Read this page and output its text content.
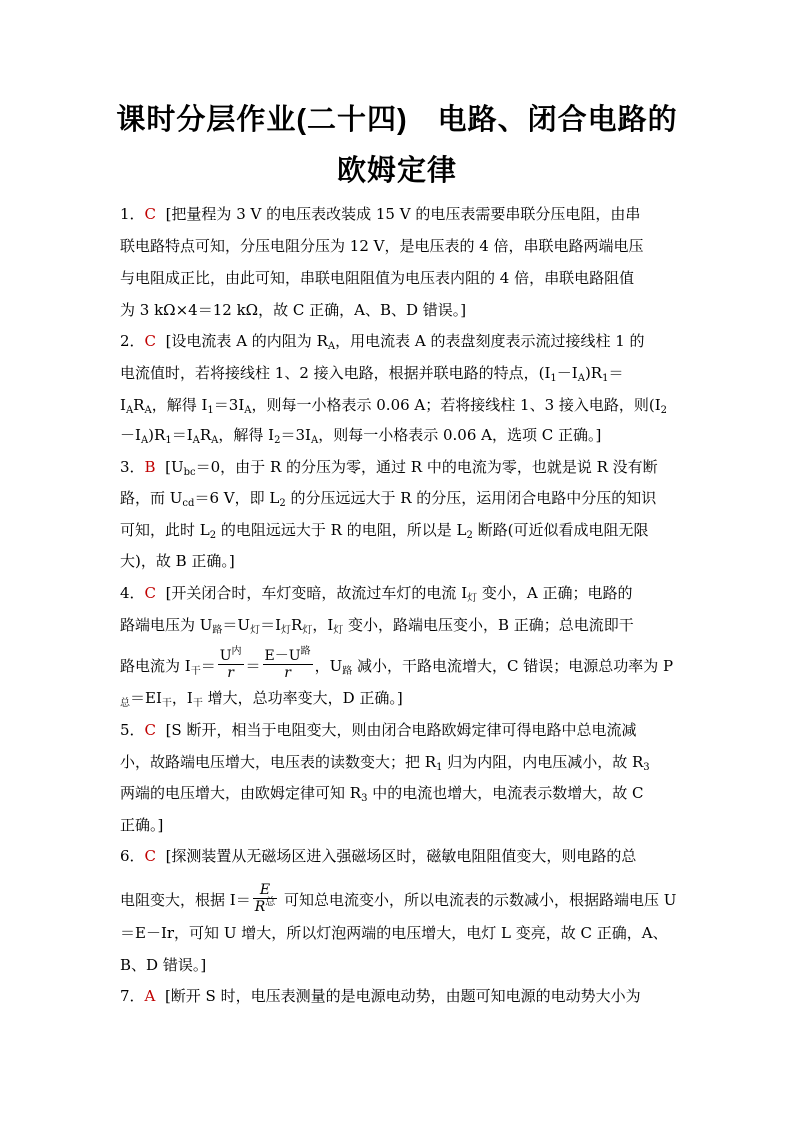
课时分层作业(二十四)　电路、闭合电路的
欧姆定律
1．C [把量程为 3 V 的电压表改装成 15 V 的电压表需要串联分压电阻，由串
联电路特点可知，分压电阻分压为 12 V，是电压表的 4 倍，串联电路两端电压
与电阻成正比，由此可知，串联电阻阻值为电压表内阻的 4 倍，串联电路阻值
为 3 kΩ×4＝12 kΩ，故 C 正确，A、B、D 错误。]
2．C [设电流表 A 的内阻为 $R_A$，用电流表 A 的表盘刻度表示流过接线柱 1 的
电流值时，若将接线柱 1、2 接入电路，根据并联电路的特点，$(I_1-I_A)R_1=$
$I_AR_A$，解得 $I_1=3I_A$，则每一小格表示 0.06 A；若将接线柱 1、3 接入电路，则($I_2$
$-I_A)R_1=I_AR_A$，解得 $I_2=3I_A$，则每一小格表示 0.06 A，选项 C 正确。]
3．B [$U_{bc}=0$，由于 R 的分压为零，通过 R 中的电流为零，也就是说 R 没有断
路，而 $U_{cd}=6$ V，即 $L_2$ 的分压远远大于 R 的分压，运用闭合电路中分压的知识
可知，此时 $L_2$ 的电阻远远大于 R 的电阻，所以是 $L_2$ 断路(可近似看成电阻无限
大)，故 B 正确。]
4．C [开关闭合时，车灯变暗，故流过车灯的电流 $I_灯$ 变小，A 正确；电路的
路端电压为 $U_路=U_灯=I_灯R_灯$，$I_灯$ 变小，路端电压变小，B 正确；总电流即干
路电流为 $I_干= \frac{U^内}{r} = \frac{E-U^路}{r}$ ，$U_路$ 减小，干路电流增大，C 错误；电源总功率为 P
$_总=EI_干$，$I_干$ 增大，总功率变大，D 正确。]
5．C [S 断开，相当于电阻变大，则由闭合电路欧姆定律可得电路中总电流减
小，故路端电压增大，电压表的读数变大；把 $R_1$ 归为内阻，内电压减小，故 $R_3$
两端的电压增大，由欧姆定律可知 $R_3$ 中的电流也增大，电流表示数增大，故 C
正确。]
6．C [探测装置从无磁场区进入强磁场区时，磁敏电阻阻值变大，则电路的总
电阻变大，根据 $I= \frac{E}{R^总}$ 可知总电流变小，所以电流表的示数减小，根据路端电压 U
＝E－Ir，可知 U 增大，所以灯泡两端的电压增大，电灯 L 变亮，故 C 正确，A、
B、D 错误。]
7．A [断开 S 时，电压表测量的是电源电动势，由题可知电源的电动势大小为
